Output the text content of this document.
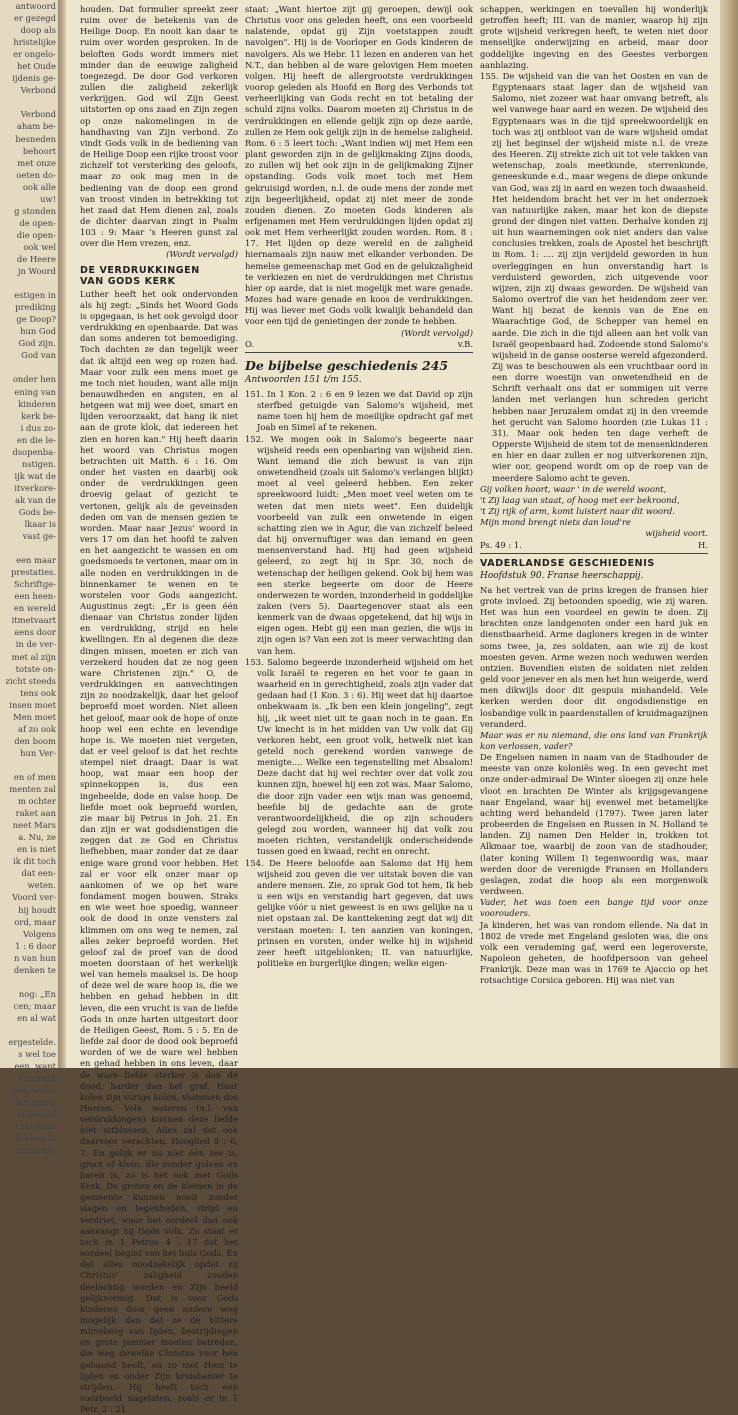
antwoord
er gezegd
doop als
hristelijke
er ongelo-
het Oude
ijdenis ge-
Verbond

Verbond
aham be-
besneden
behoort
met onze
oeten do-
ook alle
uw!
g stonden
de open-
die open-
ook wel
de Heere
jn Woord

estigen in
prediking
ge Doop?
hun God
God zijn.
God van

onder hen
ening van
kinderen
kerk be-
i dus zo-
en die le-
dsopenba-
nstigen.
ijk wat de
itverkore-
ak van de
Gods be-
lkaar is
vast ge-

een maar
prestaties.
Schriftge-
een heen-
en wereld
itmetvaart
aens door
in de ver-
met al zijn
totste on-
zicht steeds
tens ook
insen moet
Men moet
af zo ook
den boom
hun Ver-

en of men
menten zal
m ochter
raket aan
neet Mars
a. Nu, ze
en is niet
ik dit toch
dat een-
weten.
Voord ver-
hij houdt
ord, maar
Volgens
1 : 6 door
n van hun
denken te

nog: „En
cen; maar
en al wat

ergestelde.
s wel toe
een, want
verdrukt
cen, welks
lan greep
in het zal
i zal weer
breken in
en nu no-

houden. Dat formulier spreekt zeer ruim over de betekenis van de Heilige Doop. En nooit kan daar te ruim over worden gesproken. In de beloften Gods wordt immers niet minder dan de eeuwige zaligheid toegezegd. De door God verkoren zullen die zaligheid zekerlijk verkrijgen. God wil Zijn Geest uitstorten op ons zaad en Zijn zegen op onze nakomelingen in de handhaving van Zijn verbond. Zo vindt Gods volk in de bediening van de Heilige Doop een rijke troost voor zichzelf tot versterking des geloofs, maar zo ook mag men in de bediening van de doop een grond van troost vinden in betrekking tot het zaad dat Hem dienen zal, zoals de dichter daarvan zingt in Psalm 103 : 9: Maar 's Heeren gunst zal over die Hem vrezen, enz.

(Wordt vervolgd)

DE VERDRUKKINGEN
VAN GODS KERK

Luther heeft het ook ondervonden als hij zegt: „Sinds het Woord Gods is opgegaan, is het ook gevolgd door verdrukking en openbaarde. Dat was dan soms anderen tot bemoediging. Toch dachten ze dan tegelijk weer dat ik altijd een weg op rozen had. Maar voor zulk een mens moet ge me toch niet houden, want alle mijn benauwdheden en angsten, en al hetgeen wat mij wee doet, smart en lijden veroorzaakt, dat hang ik niet aan de grote klok, dat iedereen het zien en horen kan." Hij heeft daarin het woord van Christus mogen betrachten uit Matth. 6 : 16. Om onder het vasten en daarbij ook onder de verdrukkingen geen droevig gelaat of gezicht te vertonen, gelijk als de geveinsden deden om van de mensen gezien te worden. Maar naar Jezus' woord in vers 17 om dan het hoofd te zalven en het aangezicht te wassen en om goedsmoeds te vertonen, maar om in alle noden en verdrukkingen in de binnenkamer te wenen en te worstelen voor Gods aangezicht. Augustinus zegt: „Er is geen één dienaar van Christus zonder lijden en verdrukking, strijd en hele kwellingen. En al degenen die deze dingen missen, moeten er zich van verzekerd houden dat ze nog geen ware Christenen zijn." O, de verdrukkingen en aanvechtingen zijn zo noodzakelijk, daar het geloof beproefd moet worden. Niet alleen het geloof, maar ook de hope of onze hoop wel een echte en levendige hope is. We moeten niet vergeten, dat er veel geloof is dat het rechte stempel niet draagt. Daar is wat hoop, wat maar een hoop der spinnekoppen is, dus een ingebeelde, dode en valse hoop. De liefde moet ook beproefd worden, zie maar bij Petrus in Joh. 21. En dan zijn er wat godsdienstigen die zeggen dat ze God en Christus liefhebben, maar zonder dat ze daar enige ware grond voor hebben. Het zal er voor elk onzer maar op aankomen of we op het ware fondament mogen bouwen. Straks en wie weet hoe spoedig, wanneer ook de dood in onze vensters zal klimmen om ons weg te nemen, zal alles zeker beproefd worden. Het geloof zal de proef van de dood moeten doorstaan of het werkelijk wel van hemels maaksel is. De hoop of deze wel de ware hoop is, die we hebben en gehad hebben in dit leven, die een vrucht is van de liefde Gods in onze harten uitgestort door de Heiligen Geest, Rom. 5 : 5. En de liefde zal door de dood ook beproefd worden of we de ware wel hebben en gehad hebben in ons leven, daar de ware liefde sterker is dan de dood, harder dan het graf. Haar kolen zijn vurige kolen, vlammen des Heeren. Vele wateren (n.l. van verdrukkingen) kunnen deze liefde niet uitblussen. Alles zal dat ook daarvoor verachten. Hooglied 8 : 6, 7. En gelijk er nu niet één zee is, groot of klein, die zonder golven en baren is, zo is het ook met Gods Kerk. De groten en de kleinen in de gemeente kunnen nooit zonder slagen en tegenheden, strijd en verdriet, waar het oordeel dan ook aanvangt bij Gods volk. Zo staat er toch in 1 Petrus 4 : 17 dat het oordeel begint van het huis Gods. En dat alles noodzakelijk opdat zij Christus' zaligheid zouden deelachtig worden en Zijn beeld gelijkvormig. Dat is voor Gods kinderen door geen andere weg mogelijk dan dat ze de bittere mirreberg van lijden, bestrijdingen en grote jammer moeten betreden, die weg dewelke Christus voor hen gebaand heeft, en zo met Hem te lijden en onder Zijn kruisbanier te strijden. Hij heeft toch een voorbeeld nagelaten, zoals er in 1 Petr. 2 : 21

staat: „Want hiertoe zijt gij geroepen, dewijl ook Christus voor ons geleden heeft, ons een voorbeeld nalatende, opdat gij Zijn voetstappen zoudt navolgen". Hij is de Voorloper en Gods kinderen de navolgers. Als we Hebr. 11 lezen en anderen van het N.T., dan hebben al de ware gelovigen Hem moeten volgen. Hij heeft de allergrootste verdrukkingen voorop geleden als Hoofd en Borg des Verbonds tot verheerlijking van Gods recht en tot betaling der schuld zijns volks. Daarom moeten zij Christus in de verdrukkingen en ellende gelijk zijn op deze aarde, zullen ze Hem ook gelijk zijn in de hemelse zaligheid. Rom. 6 : 5 leert toch: „Want indien wij met Hem een plant geworden zijn in de gelijkmaking Zijns doods, zo zullen wij het ook zijn in de gelijkmaking Zijner opstanding. Gods volk moet toch met Hem gekruisigd worden, n.l. de oude mens der zonde met zijn begeerlijkheid, opdat zij niet meer de zonde zouden dienen. Zo moeten Gods kinderen als erfgenamen met Hem verdrukkingen lijden opdat zij ook met Hem verheerlijkt zouden worden. Rom. 8 : 17. Het lijden op deze wereld en de zaligheid hiernamaals zijn nauw met elkander verbonden. De hemelse gemeenschap met God en de gelukzaligheid te verkiezen en niet de verdrukkingen met Christus hier op aarde, dat is niet mogelijk met ware genade. Mozes had ware genade en koos de verdrukkingen. Hij was liever met Gods volk kwalijk behandeld dan voor een tijd de genietingen der zonde te hebben.

(Wordt vervolgd)

O.	v.B.
De bijbelse geschiedenis 245

Antwoorden 151 t/m 155.

151. In 1 Kon. 2 : 6 en 9 lezen we dat David op zijn sterfbed getuigde van Salomo's wijsheid, met name toen hij hem de moeilijke opdracht gaf met Joab en Simeï af te rekenen.
152. We mogen ook in Salomo's begeerte naar wijsheid reeds een openbaring van wijsheid zien. Want iemand die zich bewust is van zijn onwetendheid (zoals uit Salomo's verlangen blijkt) moet al veel geleerd hebben. Een zeker spreekwoord luidt: „Men moet veel weten om te weten dat men niets weet". Een duidelijk voorbeeld van zulk een onwetende in eigen schatting zien we in Agur, die van zichzelf beleed dat hij onvernuftiger was dan iemand en geen mensenverstand had. Hij had geen wijsheid geleerd, zo zegt hij in Spr. 30, noch de wetenschap der heiligen gekend. Ook bij hem was een sterke begeerte om door de Heere onderwezen te worden, inzonderheid in goddelijke zaken (vers 5). Daartegenover staat als een kenmerk van de dwaas opgetekend, dat hij wijs in eigen ogen. Hebt gij een man gezien, die wijs in zijn ogen is? Van een zot is meer verwachting dan van hem.
153. Salomo begeerde inzonderheid wijsheid om het volk Israël te regeren en het voor te gaan in waarheid en in gerechtigheid, zoals zijn vader dat gedaan had (1 Kon. 3 : 6). Hij weet dat hij daartoe onbekwaam is. „Ik ben een klein jongeling", zegt hij, „ik weet niet uit te gaan noch in te gaan. En Uw knecht is in het midden van Uw volk dat Gij verkoren hebt, een groot volk, hetwelk niet kan geteld noch gerekend worden vanwege de menigte.... Welke een tegenstelling met Absalom! Deze dacht dat hij wel rechter over dat volk zou kunnen zijn, hoewel hij een zot was. Maar Salomo, die door zijn vader een wijs man was genoemd, beefde bij de gedachte aan de grote verantwoordelijkheid, die op zijn schouders gelegd zou worden, wanneer hij dat volk zou moeten richten, verstandelijk onderscheidende tussen goed en kwaad, recht en onrecht.
154. De Heere beloofde aan Salomo dat Hij hem wijsheid zou geven die ver uitstak boven die van andere mensen. Zie, zo sprak God tot hem, Ik heb u een wijs en verstandig hart gegeven, dat uws gelijke vóór u niet geweest is en uws gelijke na u niet opstaan zal. De kanttekening zegt dat wij dit verstaan moeten: I. ten aanzien van koningen, prinsen en vorsten, onder welke hij in wijsheid zeer heeft uitgeblonken; II. van natuurlijke, politieke en burgerlijke dingen; welke eigen-

schappen, werkingen en toevallen hij wonderlijk getroffen heeft; III. van de manier, waarop hij zijn grote wijsheid verkregen heeft, te weten niet door menselijke onderwijzing en arbeid, maar door goddelijke ingeving en des Geestes verborgen aanblazing.

155. De wijsheid van die van het Oosten en van de Egyptenaars staat lager dan de wijsheid van Salomo, niet zozeer wat haar omvang betreft, als wel vanwege haar aard en wezen. De wijsheid des Egyptenaars was in die tijd spreekwoordelijk en toch was zij ontbloot van de ware wijsheid omdat zij het beginsel der wijsheid miste n.l. de vreze des Heeren. Zij strekte zich uit tot vele takken van wetenschap, zoals meetkunde, sterrenkunde, geneeskunde e.d., maar wegens de diepe onkunde van God, was zij in aard en wezen toch dwaasheid. Het heidendom bracht het ver in het onderzoek van natuurlijke zaken, maar het kon de diepste grond der dingen niet vatten. Derhalve konden zij uit hun waarnemingen ook niet anders dan valse conclusies trekken, zoals de Apostel het beschrijft in Rom. 1: .... zij zijn verijdeld geworden in hun overleggingen en hun onverstandig hart is verduisterd geworden, zich uitgevende voor wijzen, zijn zij dwaas geworden. De wijsheid van Salomo overtrof die van het heidendom zeer ver. Want hij bezat de kennis van de Ene en Waarachtige God, de Schepper van hemel en aarde. Die zich in die tijd alleen aan het volk van Israël geopenbaard had. Zodoende stond Salomo's wijsheid in de ganse oosterse wereld afgezonderd. Zij was te beschouwen als een vruchtbaar oord in een dorre woestijn van onwetendheid en de Schrift verhaalt ons dat er sommigen uit verre landen met verlangen hun schreden gericht hebben naar Jeruzalem omdat zij in den vreemde het gerucht van Salomo hoorden (zie Lukas 11 : 31). Maar ook heden ten dage verheft de Opperste Wijsheid de stem tot de mensenkinderen en hier en daar zullen er nog uitverkorenen zijn, wier oor, geopend wordt om op de roep van de meerdere Salomo acht te geven.

Gij volken hoort, waar ' in de wereld woont,

't Zij laag van staat, of hoog met eer bekroond,

't Zij rijk of arm, komt luistert naar dit woord.

Mijn mond brengt niets dan loud're

wijsheid voort.

Ps. 49 : 1.	H.
VADERLANDSE GESCHIEDENIS

Hoofdstuk 90. Franse heerschappij.

Na het vertrek van de prins kregen de fransen hier grote invloed. Zij betoonden spoedig, wie zij waren. Het was hun een voordeel en gewin te doen. Zij brachten onze landgenoten onder een hard juk en dienstbaarheid. Arme dagloners kregen in de winter soms twee, ja, zes soldaten, aan wie zij de kost moesten geven. Arme wezen noch weduwen werden ontzien. Bovendien eisten de soldaten niet zelden geld voor jenever en als men het hun weigerde, werd men dikwijls door dit gespuis mishandeld. Vele kerken werden door dit ongodsdienstige en losbandige volk in paardenstallen of kruidmagazijnen veranderd.

Maar was er nu niemand, die ons land van Frankrijk kon verlossen, vader?

De Engelsen namen in naam van de Stadhouder de meeste van onze koloniës weg. In een gevecht met onze onder-admiraal De Winter sloegen zij onze hele vloot en brachten De Winter als krijgsgevangene naar Engeland, waar hij evenwel met betamelijke achting werd behandeld (1797). Twee jaren later probeerden de Engelsen en Russen in N. Holland te landen. Zij namen Den Helder in, trokken tot Alkmaar toe, waarbij de zoon van de stadhouder, (later koning Willem I) tegenwoordig was, maar werden door de verenigde Fransen en Hollanders geslagen, zodat die hoop als een morgenwolk verdween.

Vader, het was toen een bange tijd voor onze voorouders.

Ja kinderen, het was van rondom ellende. Na dat in 1802 de vrede met Engeland gesloten was, die ons volk een verademing gaf, werd een legeroverste, Napoleon geheten, de hoofdpersoon van geheel Frankrijk. Deze man was in 1769 te Ajaccio op het rotsachtige Corsica geboren. Hij was niet van
